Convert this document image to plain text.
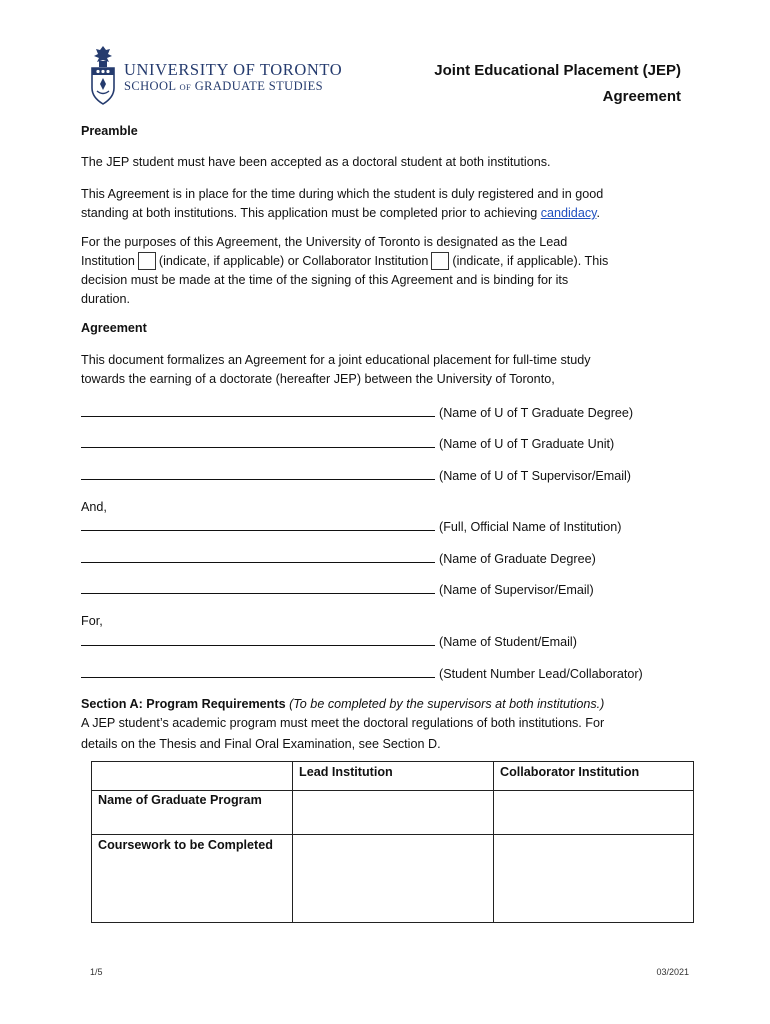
UNIVERSITY OF TORONTO
SCHOOL OF GRADUATE STUDIES
Joint Educational Placement (JEP)
Agreement
Preamble
The JEP student must have been accepted as a doctoral student at both institutions.
This Agreement is in place for the time during which the student is duly registered and in good
standing at both institutions. This application must be completed prior to achieving candidacy.
For the purposes of this Agreement, the University of Toronto is designated as the Lead
Institution (indicate, if applicable) or Collaborator Institution (indicate, if applicable). This
decision must be made at the time of the signing of this Agreement and is binding for its
duration.
Agreement
This document formalizes an Agreement for a joint educational placement for full-time study
towards the earning of a doctorate (hereafter JEP) between the University of Toronto,
(Name of U of T Graduate Degree)
(Name of U of T Graduate Unit)
(Name of U of T Supervisor/Email)
And,
(Full, Official Name of Institution)
(Name of Graduate Degree)
(Name of Supervisor/Email)
For,
(Name of Student/Email)
(Student Number Lead/Collaborator)
Section A: Program Requirements (To be completed by the supervisors at both institutions.)
A JEP student’s academic program must meet the doctoral regulations of both institutions. For
details on the Thesis and Final Oral Examination, see Section D.
	Lead Institution	Collaborator Institution
Name of Graduate Program		
Coursework to be Completed		
1/5	03/2021
